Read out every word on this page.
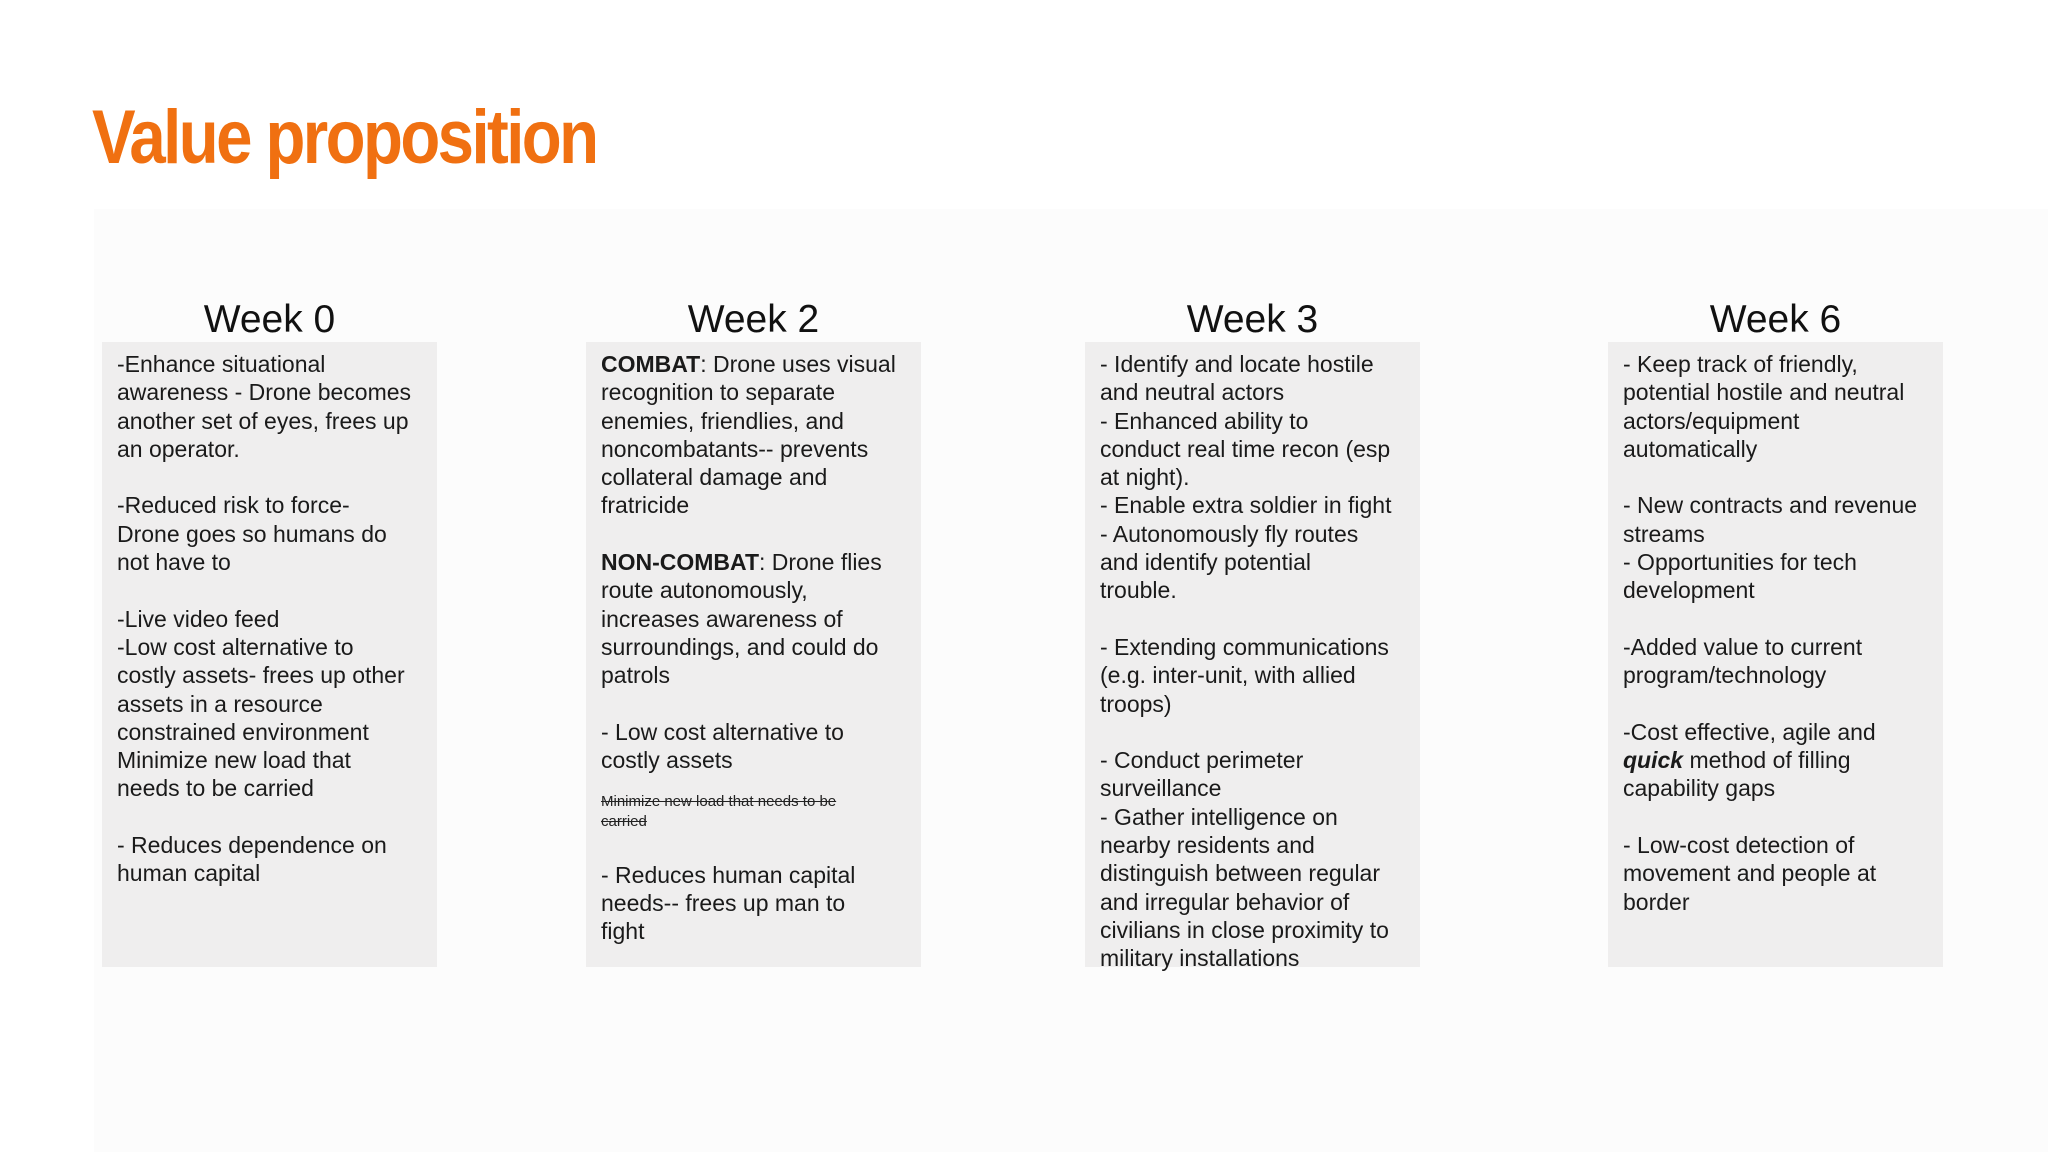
Value proposition
Week 0	Week 2	Week 3	Week 6
-Enhance situational
awareness - Drone becomes
another set of eyes, frees up
an operator.
-Reduced risk to force-
Drone goes so humans do
not have to
-Live video feed
-Low cost alternative to
costly assets- frees up other
assets in a resource
constrained environment
Minimize new load that
needs to be carried
- Reduces dependence on
human capital
COMBAT: Drone uses visual
recognition to separate
enemies, friendlies, and
noncombatants-- prevents
collateral damage and
fratricide
NON-COMBAT: Drone flies
route autonomously,
increases awareness of
surroundings, and could do
patrols
- Low cost alternative to
costly assets
Minimize new load that needs to be
carried
- Reduces human capital
needs-- frees up man to
fight
- Identify and locate hostile
and neutral actors
- Enhanced ability to
conduct real time recon (esp
at night).
- Enable extra soldier in fight
- Autonomously fly routes
and identify potential
trouble.
- Extending communications
(e.g. inter-unit, with allied
troops)
- Conduct perimeter
surveillance
- Gather intelligence on
nearby residents and
distinguish between regular
and irregular behavior of
civilians in close proximity to
military installations
- Keep track of friendly,
potential hostile and neutral
actors/equipment
automatically
- New contracts and revenue
streams
- Opportunities for tech
development
-Added value to current
program/technology
-Cost effective, agile and
quick method of filling
capability gaps
- Low-cost detection of
movement and people at
border
